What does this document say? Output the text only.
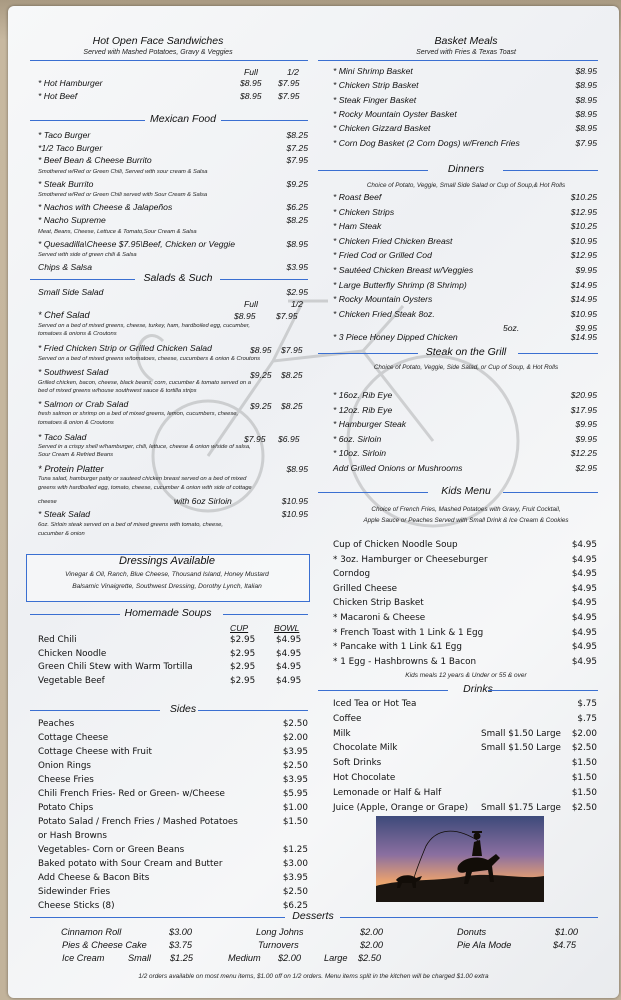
Hot Open Face Sandwiches
Served with Mashed Potatoes, Gravy & Veggies
Full	1/2
* Hot Hamburger	$8.95 $7.95
* Hot Beef	$8.95 $7.95
Mexican Food
* Taco Burger	$8.25
*1/2 Taco Burger	$7.25
* Beef Bean & Cheese Burrito	$7.95
Smothered w/Red or Green Chili, Served with sour cream & Salsa
* Steak Burrito	$9.25
Smothered w/Red or Green Chili served with Sour Cream & Salsa
* Nachos with Cheese & Jalapeños	$6.25
* Nacho Supreme	$8.25
Meat, Beans, Cheese, Lettuce & Tomato,Sour Cream & Salsa
* Quesadilla\Cheese $7.95\Beef, Chicken or Veggie	$8.95
Served with side of green chili & Salsa
Chips & Salsa	$3.95
Salads & Such
Small Side Salad	$2.95
Full	1/2
* Chef Salad	$8.95 $7.95
Served on a bed of mixed greens, cheese, turkey, ham, hardboiled egg, cucumber,
tomatoes & onions & Croutons
* Fried Chicken Strip or Grilled Chicken Salad	$8.95 $7.95
Served on a bed of mixed greens w/tomatoes, cheese, cucumbers & onion & Croutons
* Southwest Salad	$9.25 $8.25
Grilled chicken, bacon, cheese, black beans, corn, cucumber & tomato served on a
bed of mixed greens w/house southwest sauce & tortilla strips
* Salmon or Crab Salad	$9.25 $8.25
fresh salmon or shrimp on a bed of mixed greens, lemon, cucumbers, cheese,
tomatoes & onion & Croutons
* Taco Salad	$7.95 $6.95
Served in a crispy shell w/hamburger, chili, lettuce, cheese & onion w/side of salsa,
Sour Cream & Refried Beans
* Protein Platter	$8.95
Tuna salad, hamburger patty or sauteed chicken breast served on a bed of mixed
greens with hardboiled egg, tomato, cheese, cucumber & onion with side of cottage
cheese	with 6oz Sirloin	$10.95
* Steak Salad	$10.95
6oz. Sirloin steak served on a bed of mixed greens with tomato, cheese,
cucumber & onion
Dressings Available
Vinegar & Oil, Ranch, Blue Cheese, Thousand Island, Honey Mustard
Balsamic Vinaigrette, Southwest Dressing, Dorothy Lynch, Italian
Homemade Soups
CUP	BOWL
Red Chili	$2.95 $4.95
Chicken Noodle	$2.95 $4.95
Green Chili Stew with Warm Tortilla	$2.95 $4.95
Vegetable Beef	$2.95 $4.95
Sides
Peaches	$2.50
Cottage Cheese	$2.00
Cottage Cheese with Fruit	$3.95
Onion Rings	$2.50
Cheese Fries	$3.95
Chili French Fries- Red or Green- w/Cheese	$5.95
Potato Chips	$1.00
Potato Salad / French Fries / Mashed Potatoes	$1.50
or Hash Browns
Vegetables- Corn or Green Beans	$1.25
Baked potato with Sour Cream and Butter	$3.00
Add Cheese & Bacon Bits	$3.95
Sidewinder Fries	$2.50
Cheese Sticks (8)	$6.25
Basket Meals
Served with Fries & Texas Toast
* Mini Shrimp Basket	$8.95
* Chicken Strip Basket	$8.95
* Steak Finger Basket	$8.95
* Rocky Mountain Oyster Basket	$8.95
* Chicken Gizzard Basket	$8.95
* Corn Dog Basket (2 Corn Dogs) w/French Fries	$7.95
Dinners
Choice of Potato, Veggie, Small Side Salad or Cup of Soup,& Hot Rolls
* Roast Beef	$10.25
* Chicken Strips	$12.95
* Ham Steak	$10.25
* Chicken Fried Chicken Breast	$10.95
* Fried Cod or Grilled Cod	$12.95
* Sautéed Chicken Breast w/Veggies	$9.95
* Large Butterfly Shrimp (8 Shrimp)	$14.95
* Rocky Mountain Oysters	$14.95
* Chicken Fried Steak 8oz.	$10.95
5oz.	$9.95
* 3 Piece Honey Dipped Chicken	$14.95
Steak on the Grill
Choice of Potato, Veggie, Side Salad, or Cup of Soup, & Hot Rolls
* 16oz. Rib Eye	$20.95
* 12oz. Rib Eye	$17.95
* Hamburger Steak	$9.95
* 6oz. Sirloin	$9.95
* 10oz. Sirloin	$12.25
Add Grilled Onions or Mushrooms	$2.95
Kids Menu
Choice of French Fries, Mashed Potatoes with Gravy, Fruit Cocktail,
Apple Sauce or Peaches Served with Small Drink & Ice Cream & Cookies
Cup of Chicken Noodle Soup	$4.95
* 3oz. Hamburger or Cheeseburger	$4.95
Corndog	$4.95
Grilled Cheese	$4.95
Chicken Strip Basket	$4.95
* Macaroni & Cheese	$4.95
* French Toast with 1 Link & 1 Egg	$4.95
* Pancake with 1 Link &1 Egg	$4.95
* 1 Egg - Hashbrowns & 1 Bacon	$4.95
Kids meals 12 years & Under or 55 & over
Drinks
Iced Tea or Hot Tea	$.75
Coffee	$.75
Milk	Small $1.50 Large	$2.00
Chocolate Milk	Small $1.50 Large	$2.50
Soft Drinks	$1.50
Hot Chocolate	$1.50
Lemonade or Half & Half	$1.50
Juice (Apple, Orange or Grape) Small $1.75 Large	$2.50
Desserts
Cinnamon Roll	$3.00
Pies & Cheese Cake $3.75
Ice Cream	Small $1.25	Medium $2.00	Large $2.50
Long Johns	$2.00
Turnovers	$2.00
Donuts	$1.00
Pie Ala Mode	$4.75
1/2 orders available on most menu items, $1.00 off on 1/2 orders. Menu items split in the kitchen will be charged $1.00 extra
